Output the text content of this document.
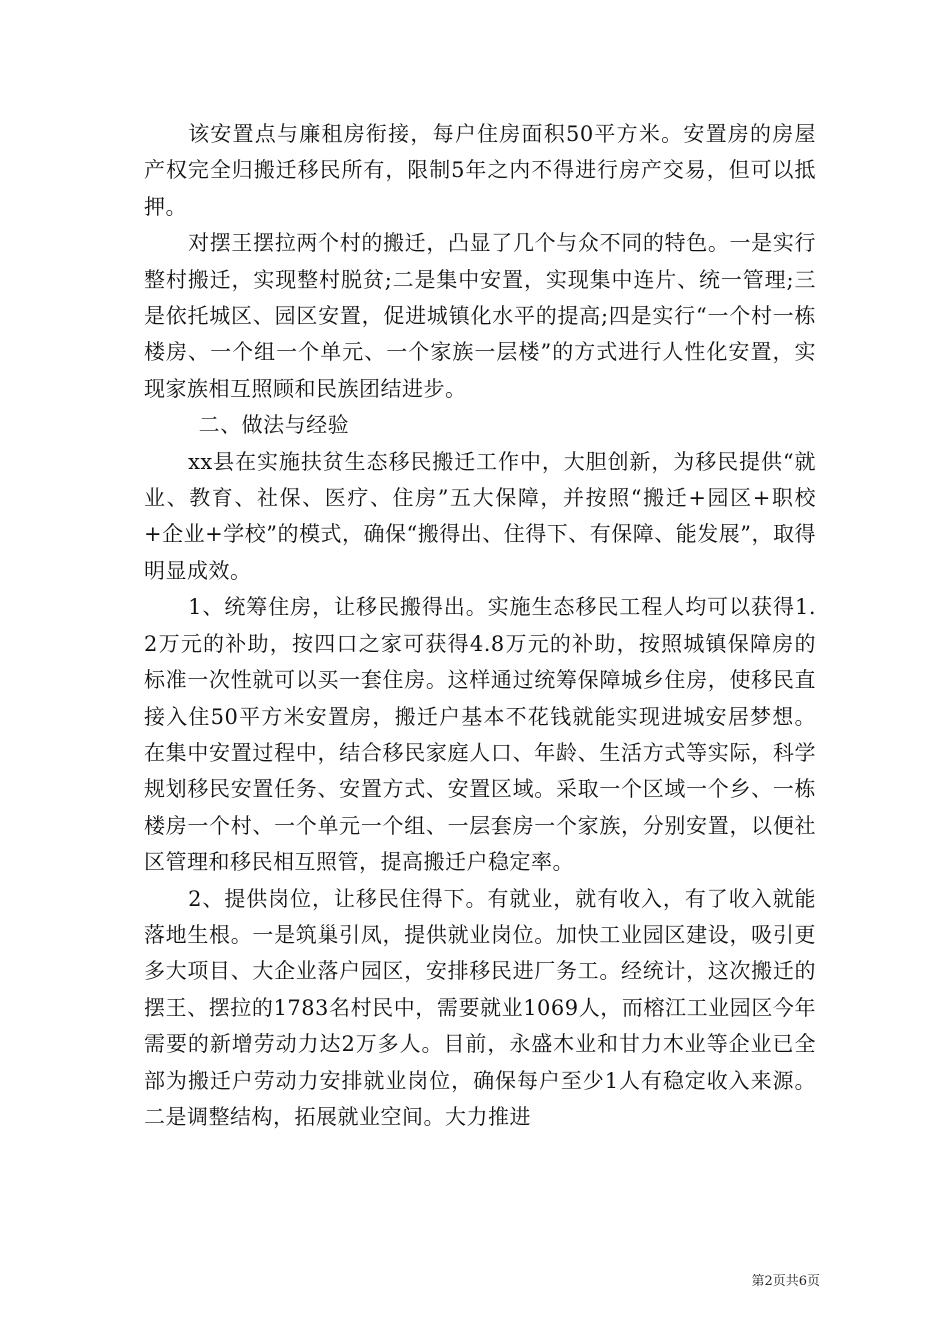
该安置点与廉租房衔接，每户住房面积50平方米。安置房的房屋产权完全归搬迁移民所有，限制5年之内不得进行房产交易，但可以抵押。

对摆王摆拉两个村的搬迁，凸显了几个与众不同的特色。一是实行整村搬迁，实现整村脱贫;二是集中安置，实现集中连片、统一管理;三是依托城区、园区安置，促进城镇化水平的提高;四是实行“一个村一栋楼房、一个组一个单元、一个家族一层楼”的方式进行人性化安置，实现家族相互照顾和民族团结进步。

二、做法与经验

xx县在实施扶贫生态移民搬迁工作中，大胆创新，为移民提供“就业、教育、社保、医疗、住房”五大保障，并按照“搬迁+园区+职校+企业+学校”的模式，确保“搬得出、住得下、有保障、能发展”，取得明显成效。

1、统筹住房，让移民搬得出。实施生态移民工程人均可以获得1.2万元的补助，按四口之家可获得4.8万元的补助，按照城镇保障房的标准一次性就可以买一套住房。这样通过统筹保障城乡住房，使移民直接入住50平方米安置房，搬迁户基本不花钱就能实现进城安居梦想。在集中安置过程中，结合移民家庭人口、年龄、生活方式等实际，科学规划移民安置任务、安置方式、安置区域。采取一个区域一个乡、一栋楼房一个村、一个单元一个组、一层套房一个家族，分别安置，以便社区管理和移民相互照管，提高搬迁户稳定率。

2、提供岗位，让移民住得下。有就业，就有收入，有了收入就能落地生根。一是筑巢引凤，提供就业岗位。加快工业园区建设，吸引更多大项目、大企业落户园区，安排移民进厂务工。经统计，这次搬迁的摆王、摆拉的1783名村民中，需要就业1069人，而榕江工业园区今年需要的新增劳动力达2万多人。目前，永盛木业和甘力木业等企业已全部为搬迁户劳动力安排就业岗位，确保每户至少1人有稳定收入来源。二是调整结构，拓展就业空间。大力推进

第2页共6页
